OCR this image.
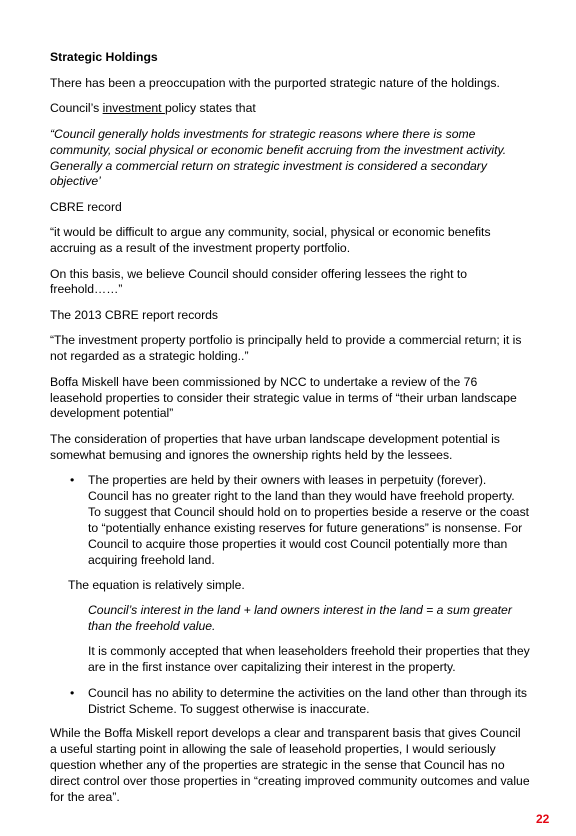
Strategic Holdings

There has been a preoccupation with the purported strategic nature of the holdings.

Council’s investment policy states that

“Council generally holds investments for strategic reasons where there is some community, social physical or economic benefit accruing from the investment activity. Generally a commercial return on strategic investment is considered a secondary objective’

CBRE record

“it would be difficult to argue any community, social, physical or economic benefits accruing as a result of the investment property portfolio.

On this basis, we believe Council should consider offering lessees the right to freehold……”

The 2013 CBRE report records

“The investment property portfolio is principally held to provide a commercial return; it is not regarded as a strategic holding..”

Boffa Miskell have been commissioned by NCC to undertake a review of the 76 leasehold properties to consider their strategic value in terms of “their urban landscape development potential”

The consideration of properties that have urban landscape development potential is somewhat bemusing and ignores the ownership rights held by the lessees.

• The properties are held by their owners with leases in perpetuity (forever). Council has no greater right to the land than they would have freehold property. To suggest that Council should hold on to properties beside a reserve or the coast to “potentially enhance existing reserves for future generations” is nonsense. For Council to acquire those properties it would cost Council potentially more than acquiring freehold land.

The equation is relatively simple.

Council’s interest in the land + land owners interest in the land = a sum greater than the freehold value.

It is commonly accepted that when leaseholders freehold their properties that they are in the first instance over capitalizing their interest in the property.

• Council has no ability to determine the activities on the land other than through its District Scheme. To suggest otherwise is inaccurate.

While the Boffa Miskell report develops a clear and transparent basis that gives Council a useful starting point in allowing the sale of leasehold properties, I would seriously question whether any of the properties are strategic in the sense that Council has no direct control over those properties in “creating improved community outcomes and value for the area”.

22
